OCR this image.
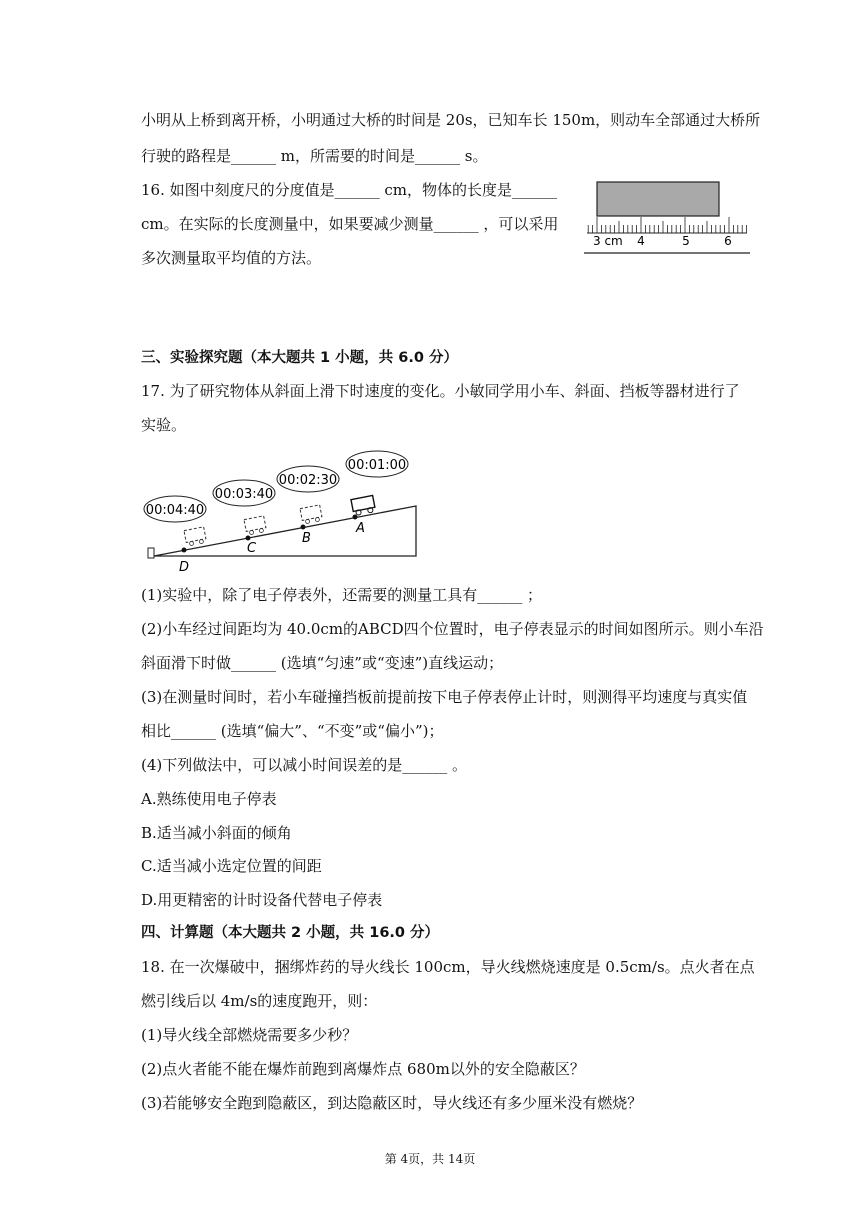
小明从上桥到离开桥，小明通过大桥的时间是 20s，已知车长 150m，则动车全部通过大桥所
行驶的路程是______ m，所需要的时间是______ s。
16. 如图中刻度尺的分度值是______ cm，物体的长度是______
cm。在实际的长度测量中，如果要减少测量______ ，可以采用
多次测量取平均值的方法。
3 cm 4	5	6
三、实验探究题（本大题共 1 小题，共 6.0 分）
17. 为了研究物体从斜面上滑下时速度的变化。小敏同学用小车、斜面、挡板等器材进行了
实验。
00:04:40
00:03:40
00:02:30
00:01:00
D
C
B
A
(1)实验中，除了电子停表外，还需要的测量工具有______ ；
(2)小车经过间距均为 40.0cm的ABCD四个位置时，电子停表显示的时间如图所示。则小车沿
斜面滑下时做______ (选填“匀速”或“变速”)直线运动；
(3)在测量时间时，若小车碰撞挡板前提前按下电子停表停止计时，则测得平均速度与真实值
相比______ (选填“偏大”、“不变”或“偏小”)；
(4)下列做法中，可以减小时间误差的是______ 。
A.熟练使用电子停表
B.适当减小斜面的倾角
C.适当减小选定位置的间距
D.用更精密的计时设备代替电子停表
四、计算题（本大题共 2 小题，共 16.0 分）
18. 在一次爆破中，捆绑炸药的导火线长 100cm，导火线燃烧速度是 0.5cm/s。点火者在点
燃引线后以 4m/s的速度跑开，则：
(1)导火线全部燃烧需要多少秒？
(2)点火者能不能在爆炸前跑到离爆炸点 680m以外的安全隐蔽区？
(3)若能够安全跑到隐蔽区，到达隐蔽区时，导火线还有多少厘米没有燃烧？
第 4页，共 14页
